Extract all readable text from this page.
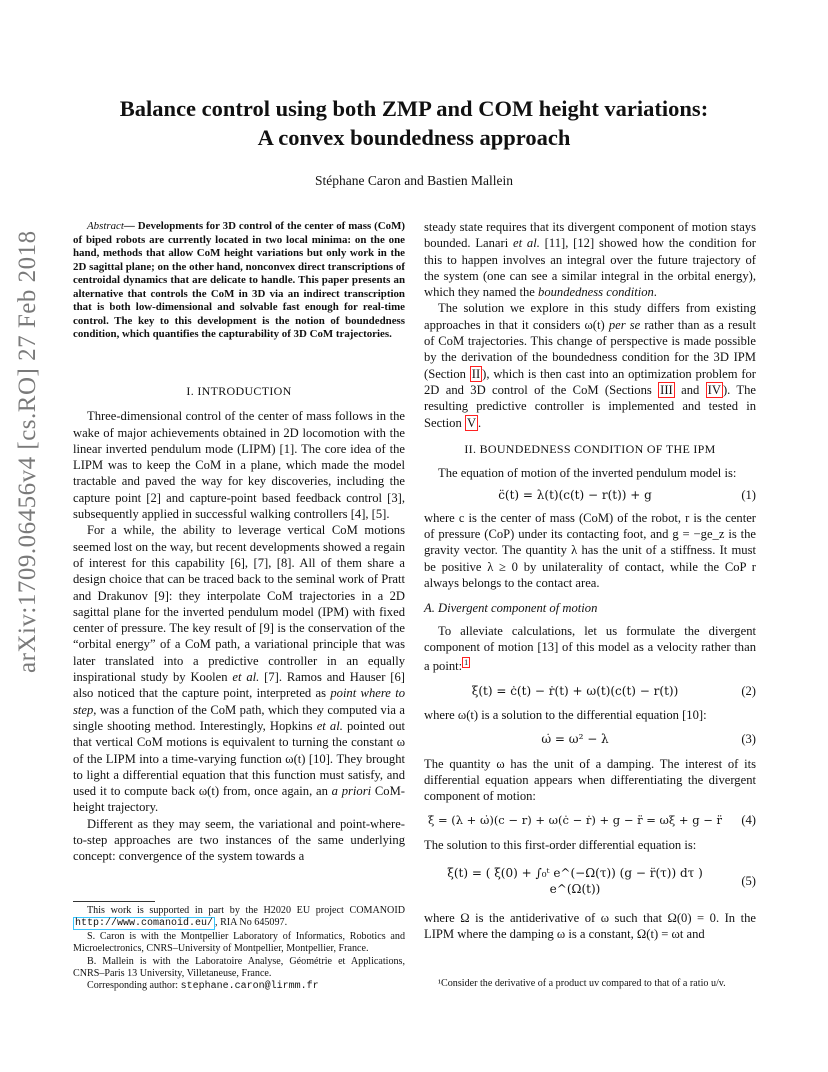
arXiv:1709.06456v4 [cs.RO] 27 Feb 2018
Balance control using both ZMP and COM height variations:
A convex boundedness approach
Stéphane Caron and Bastien Mallein

Abstract— Developments for 3D control of the center of mass (CoM) of biped robots are currently located in two local minima: on the one hand, methods that allow CoM height variations but only work in the 2D sagittal plane; on the other hand, nonconvex direct transcriptions of centroidal dynamics that are delicate to handle. This paper presents an alternative that controls the CoM in 3D via an indirect transcription that is both low-dimensional and solvable fast enough for real-time control. The key to this development is the notion of boundedness condition, which quantifies the capturability of 3D CoM trajectories.

I. INTRODUCTION

Three-dimensional control of the center of mass follows in the wake of major achievements obtained in 2D locomotion with the linear inverted pendulum mode (LIPM) [1]. The core idea of the LIPM was to keep the CoM in a plane, which made the model tractable and paved the way for key discoveries, including the capture point [2] and capture-point based feedback control [3], subsequently applied in successful walking controllers [4], [5].

For a while, the ability to leverage vertical CoM motions seemed lost on the way, but recent developments showed a regain of interest for this capability [6], [7], [8]. All of them share a design choice that can be traced back to the seminal work of Pratt and Drakunov [9]: they interpolate CoM trajectories in a 2D sagittal plane for the inverted pendulum model (IPM) with fixed center of pressure. The key result of [9] is the conservation of the “orbital energy” of a CoM path, a variational principle that was later translated into a predictive controller in an equally inspirational study by Koolen et al. [7]. Ramos and Hauser [6] also noticed that the capture point, interpreted as point where to step, was a function of the CoM path, which they computed via a single shooting method. Interestingly, Hopkins et al. pointed out that vertical CoM motions is equivalent to turning the constant ω of the LIPM into a time-varying function ω(t) [10]. They brought to light a differential equation that this function must satisfy, and used it to compute back ω(t) from, once again, an a priori CoM-height trajectory.

Different as they may seem, the variational and point-where-to-step approaches are two instances of the same underlying concept: convergence of the system towards a

This work is supported in part by the H2020 EU project COMANOID http://www.comanoid.eu/ , RIA No 645097.

S. Caron is with the Montpellier Laboratory of Informatics, Robotics and Microelectronics, CNRS–University of Montpellier, Montpellier, France.

B. Mallein is with the Laboratoire Analyse, Géométrie et Applications, CNRS–Paris 13 University, Villetaneuse, France.

Corresponding author: stephane.caron@lirmm.fr

steady state requires that its divergent component of motion stays bounded. Lanari et al. [11], [12] showed how the condition for this to happen involves an integral over the future trajectory of the system (one can see a similar integral in the orbital energy), which they named the boundedness condition.

The solution we explore in this study differs from existing approaches in that it considers ω(t) per se rather than as a result of CoM trajectories. This change of perspective is made possible by the derivation of the boundedness condition for the 3D IPM (Section II ), which is then cast into an optimization problem for 2D and 3D control of the CoM (Sections III and IV ). The resulting predictive controller is implemented and tested in Section V .

II. BOUNDEDNESS CONDITION OF THE IPM

The equation of motion of the inverted pendulum model is:

c̈(t) = λ(t)(c(t) − r(t)) + g	(1)

where c is the center of mass (CoM) of the robot, r is the center of pressure (CoP) under its contacting foot, and g = −ge_z is the gravity vector. The quantity λ has the unit of a stiffness. It must be positive λ ≥ 0 by unilaterality of contact, while the CoP r always belongs to the contact area.

A. Divergent component of motion

To alleviate calculations, let us formulate the divergent component of motion [13] of this model as a velocity rather than a point: $^1$

ξ(t) = ċ(t) − ṙ(t) + ω(t)(c(t) − r(t))	(2)

where ω(t) is a solution to the differential equation [10]:

ω̇ = ω² − λ	(3)

The quantity ω has the unit of a damping. The interest of its differential equation appears when differentiating the divergent component of motion:

ξ̇ = (λ + ω̇)(c − r) + ω(ċ − ṙ) + g − r̈ = ωξ + g − r̈	(4)

The solution to this first-order differential equation is:

ξ(t) = ( ξ(0) + ∫₀ᵗ e^(−Ω(τ)) (g − r̈(τ)) dτ ) e^(Ω(t))
(5)

where Ω is the antiderivative of ω such that Ω(0) = 0. In the LIPM where the damping ω is a constant, Ω(t) = ωt and

¹Consider the derivative of a product uv compared to that of a ratio u/v.
